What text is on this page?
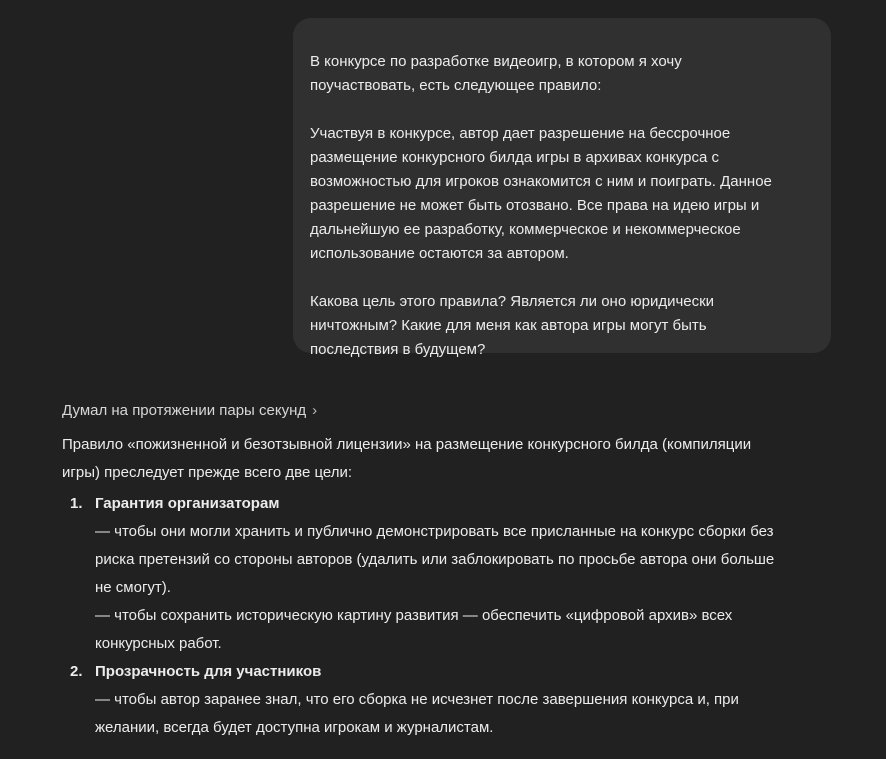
В конкурсе по разработке видеоигр, в котором я хочу
поучаствовать, есть следующее правило:
Участвуя в конкурсе, автор дает разрешение на бессрочное
размещение конкурсного билда игры в архивах конкурса с
возможностью для игроков ознакомится с ним и поиграть. Данное
разрешение не может быть отозвано. Все права на идею игры и
дальнейшую ее разработку, коммерческое и некоммерческое
использование остаются за автором.
Какова цель этого правила? Является ли оно юридически
ничтожным? Какие для меня как автора игры могут быть
последствия в будущем?
Думал на протяжении пары секунд ›
Правило «пожизненной и безотзывной лицензии» на размещение конкурсного билда (компиляции
игры) преследует прежде всего две цели:
1. Гарантия организаторам
— чтобы они могли хранить и публично демонстрировать все присланные на конкурс сборки без
риска претензий со стороны авторов (удалить или заблокировать по просьбе автора они больше
не смогут).
— чтобы сохранить историческую картину развития — обеспечить «цифровой архив» всех
конкурсных работ.
2. Прозрачность для участников
— чтобы автор заранее знал, что его сборка не исчезнет после завершения конкурса и, при
желании, всегда будет доступна игрокам и журналистам.
